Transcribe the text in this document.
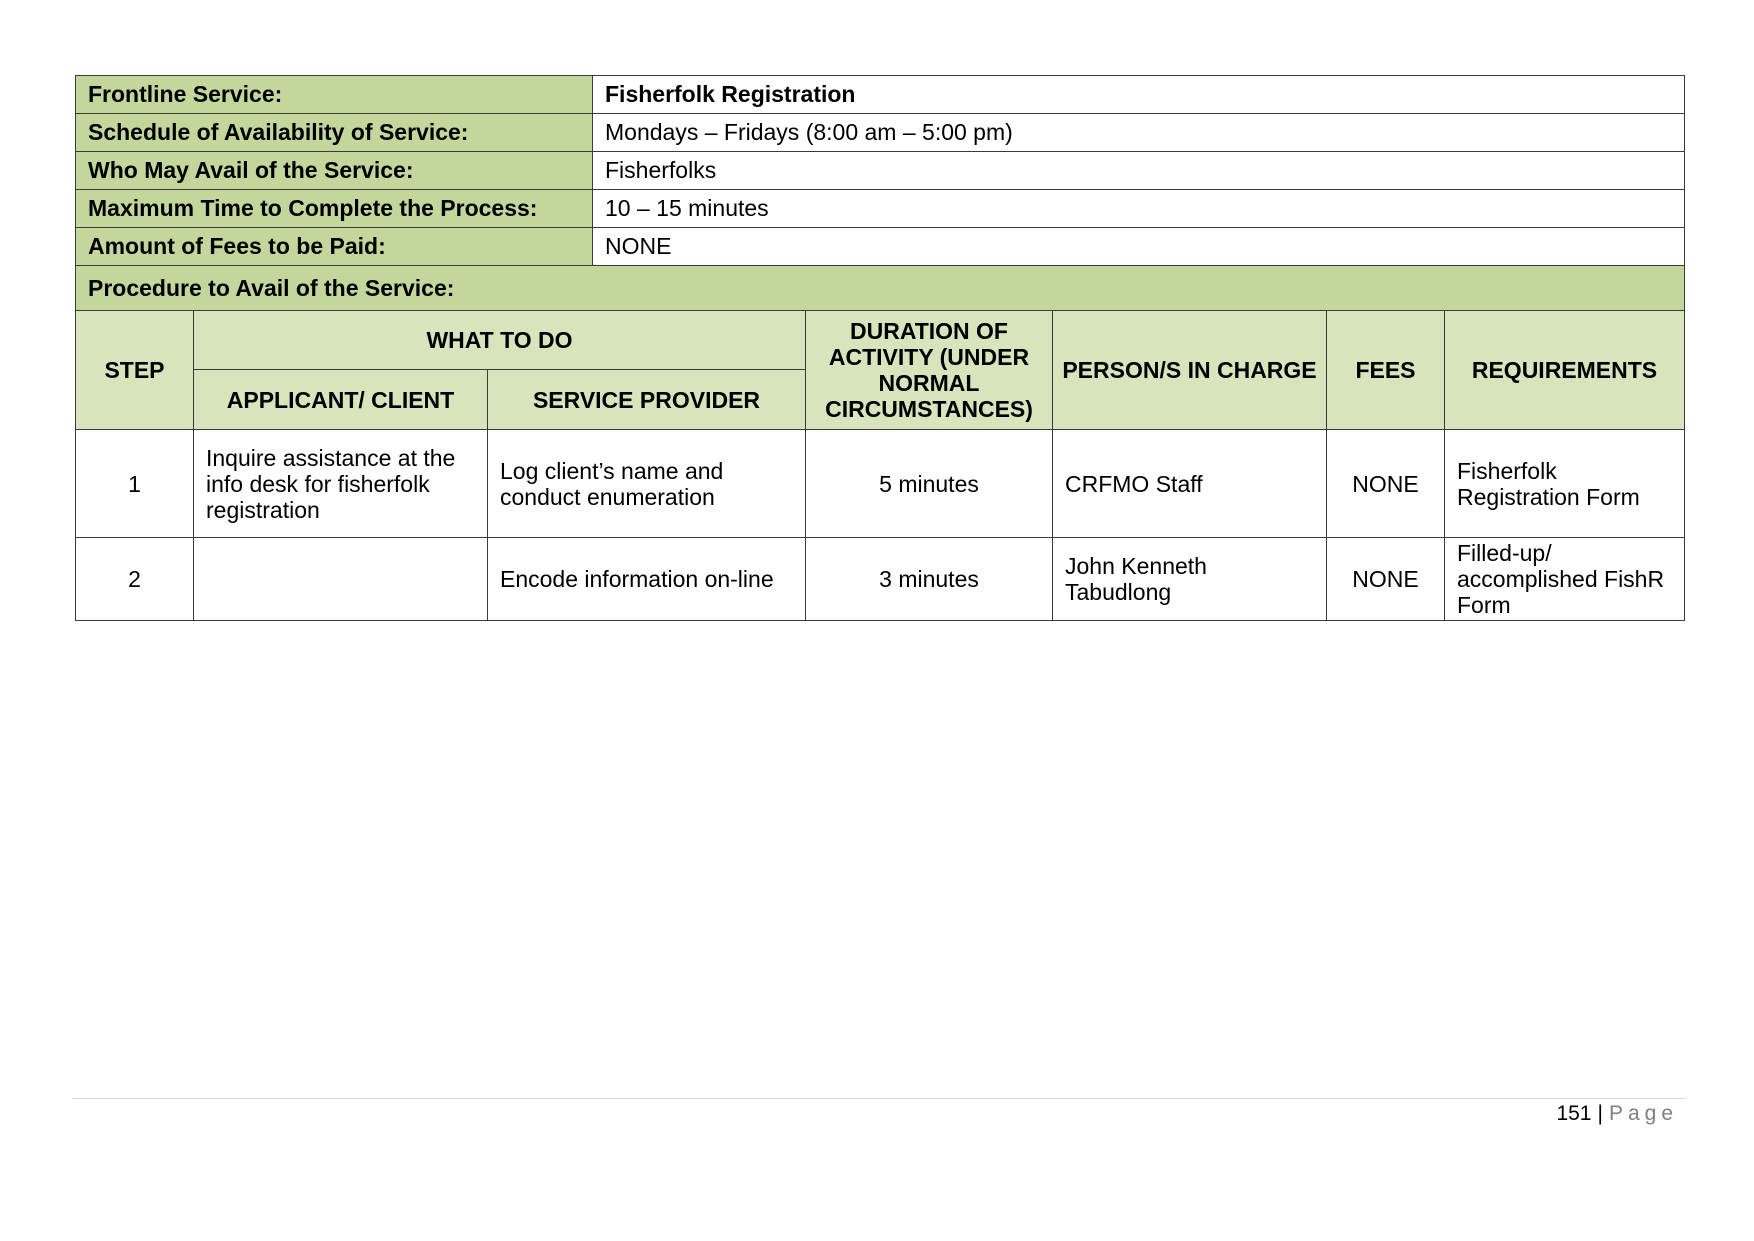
Frontline Service:			Fisherfolk Registration				
Schedule of Availability of Service:			Mondays – Fridays (8:00 am – 5:00 pm)				
Who May Avail of the Service:			Fisherfolks				
Maximum Time to Complete the Process:			10 – 15 minutes				
Amount of Fees to be Paid:			NONE				
Procedure to Avail of the Service:							
STEP	WHAT TO DO			DURATION OF ACTIVITY (UNDER NORMAL CIRCUMSTANCES)	PERSON/S IN CHARGE	FEES	REQUIREMENTS
	APPLICANT/ CLIENT	SERVICE PROVIDER					
1	Inquire assistance at the info desk for fisherfolk registration	Log client’s name and conduct enumeration		5 minutes	CRFMO Staff	NONE	Fisherfolk Registration Form
2		Encode information on-line		3 minutes	John Kenneth Tabudlong	NONE	Filled-up/ accomplished FishR Form
151 | Page
